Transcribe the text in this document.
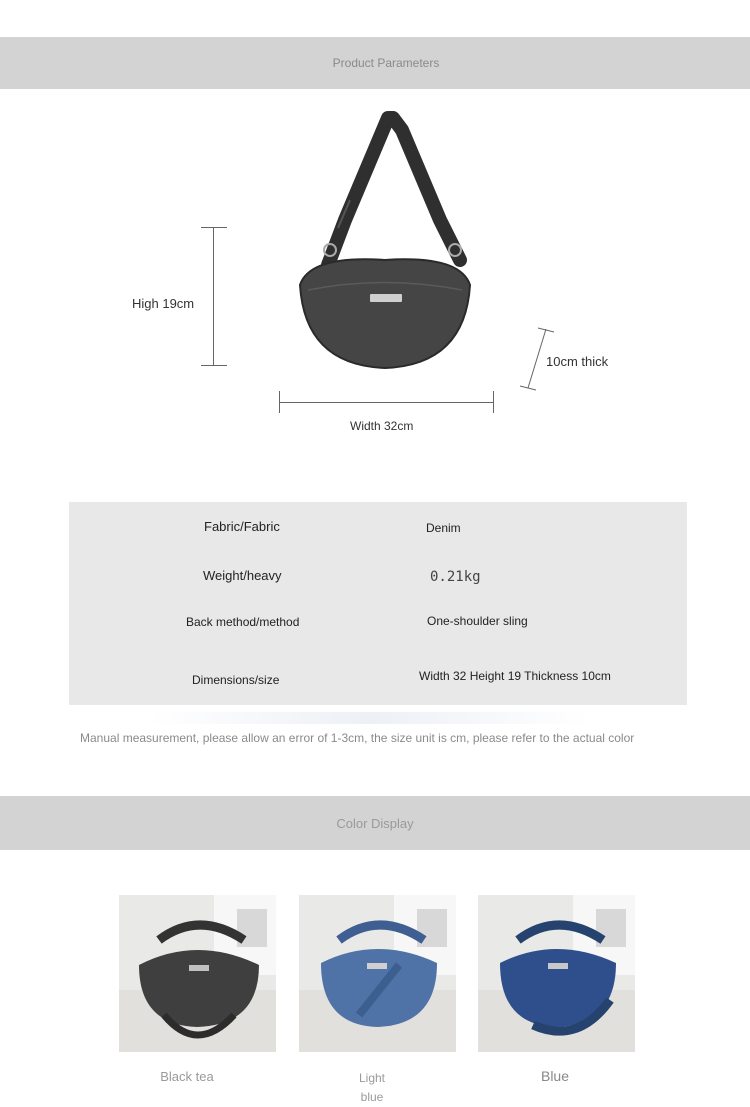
Product Parameters
High 19cm
10cm thick
Width 32cm
Fabric/Fabric	Denim
Weight/heavy	0.21kg
Back method/method	One-shoulder sling
Dimensions/size	Width 32 Height 19 Thickness 10cm
Manual measurement, please allow an error of 1-3cm, the size unit is cm, please refer to the actual color
Color Display
Black tea	Light
blue
Blue
